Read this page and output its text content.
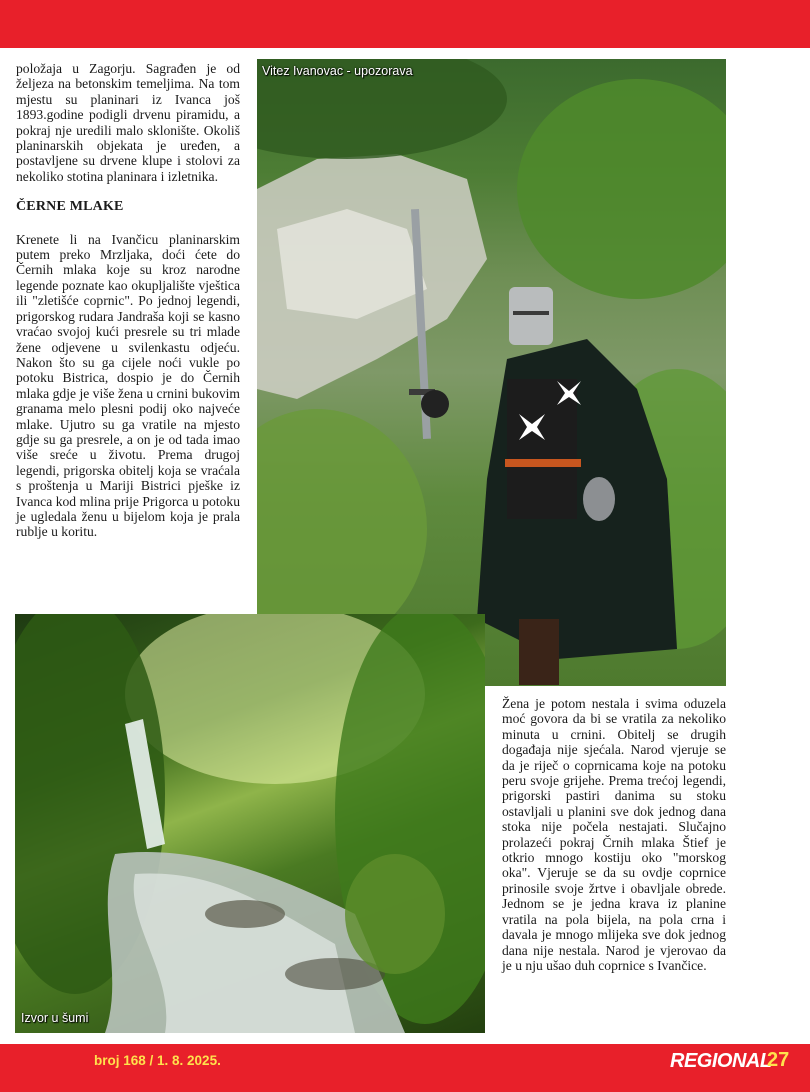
položaja u Zagorju. Sagrađen je od željeza na betonskim temeljima. Na tom mjestu su planinari iz Ivanca još 1893.godine podigli drvenu piramidu, a pokraj nje uredili malo sklonište. Okoliš planinarskih objekata je uređen, a postavljene su drvene klupe i stolovi za nekoliko stotina planinara i izletnika.

ČERNE MLAKE

Krenete li na Ivančicu planinarskim putem preko Mrzljaka, doći ćete do Černih mlaka koje su kroz narodne legende poznate kao okupljalište vještica ili "zletišće coprnic". Po jednoj legendi, prigorskog rudara Jandraša koji se kasno vraćao svojoj kući presrele su tri mlade žene odjevene u svilenkastu odjeću. Nakon što su ga cijele noći vukle po potoku Bistrica, dospio je do Černih mlaka gdje je više žena u crnini bukovim granama melo plesni podij oko najveće mlake. Ujutro su ga vratile na mjesto gdje su ga presrele, a on je od tada imao više sreće u životu. Prema drugoj legendi, prigorska obitelj koja se vraćala s proštenja u Mariji Bistrici pješke iz Ivanca kod mlina prije Prigorca u potoku je ugledala ženu u bijelom koja je prala rublje u koritu.

Vitez Ivanovac - upozorava
Izvor u šumi

Žena je potom nestala i svima oduzela moć govora da bi se vratila za nekoliko minuta u crnini. Obitelj se drugih događaja nije sjećala. Narod vjeruje se da je riječ o coprnicama koje na potoku peru svoje grijehe. Prema trećoj legendi, prigorski pastiri danima su stoku ostavljali u planini sve dok jednog dana stoka nije počela nestajati. Slučajno prolazeći pokraj Črnih mlaka Štief je otkrio mnogo kostiju oko "morskog oka". Vjeruje se da su ovdje coprnice prinosile svoje žrtve i obavljale obrede. Jednom se je jedna krava iz planine vratila na pola bijela, na pola crna i davala je mnogo mlijeka sve dok jednog dana nije nestala. Narod je vjerovao da je u nju ušao duh coprnice s Ivančice.

broj 168 / 1. 8. 2025.	REGIONAL
27
